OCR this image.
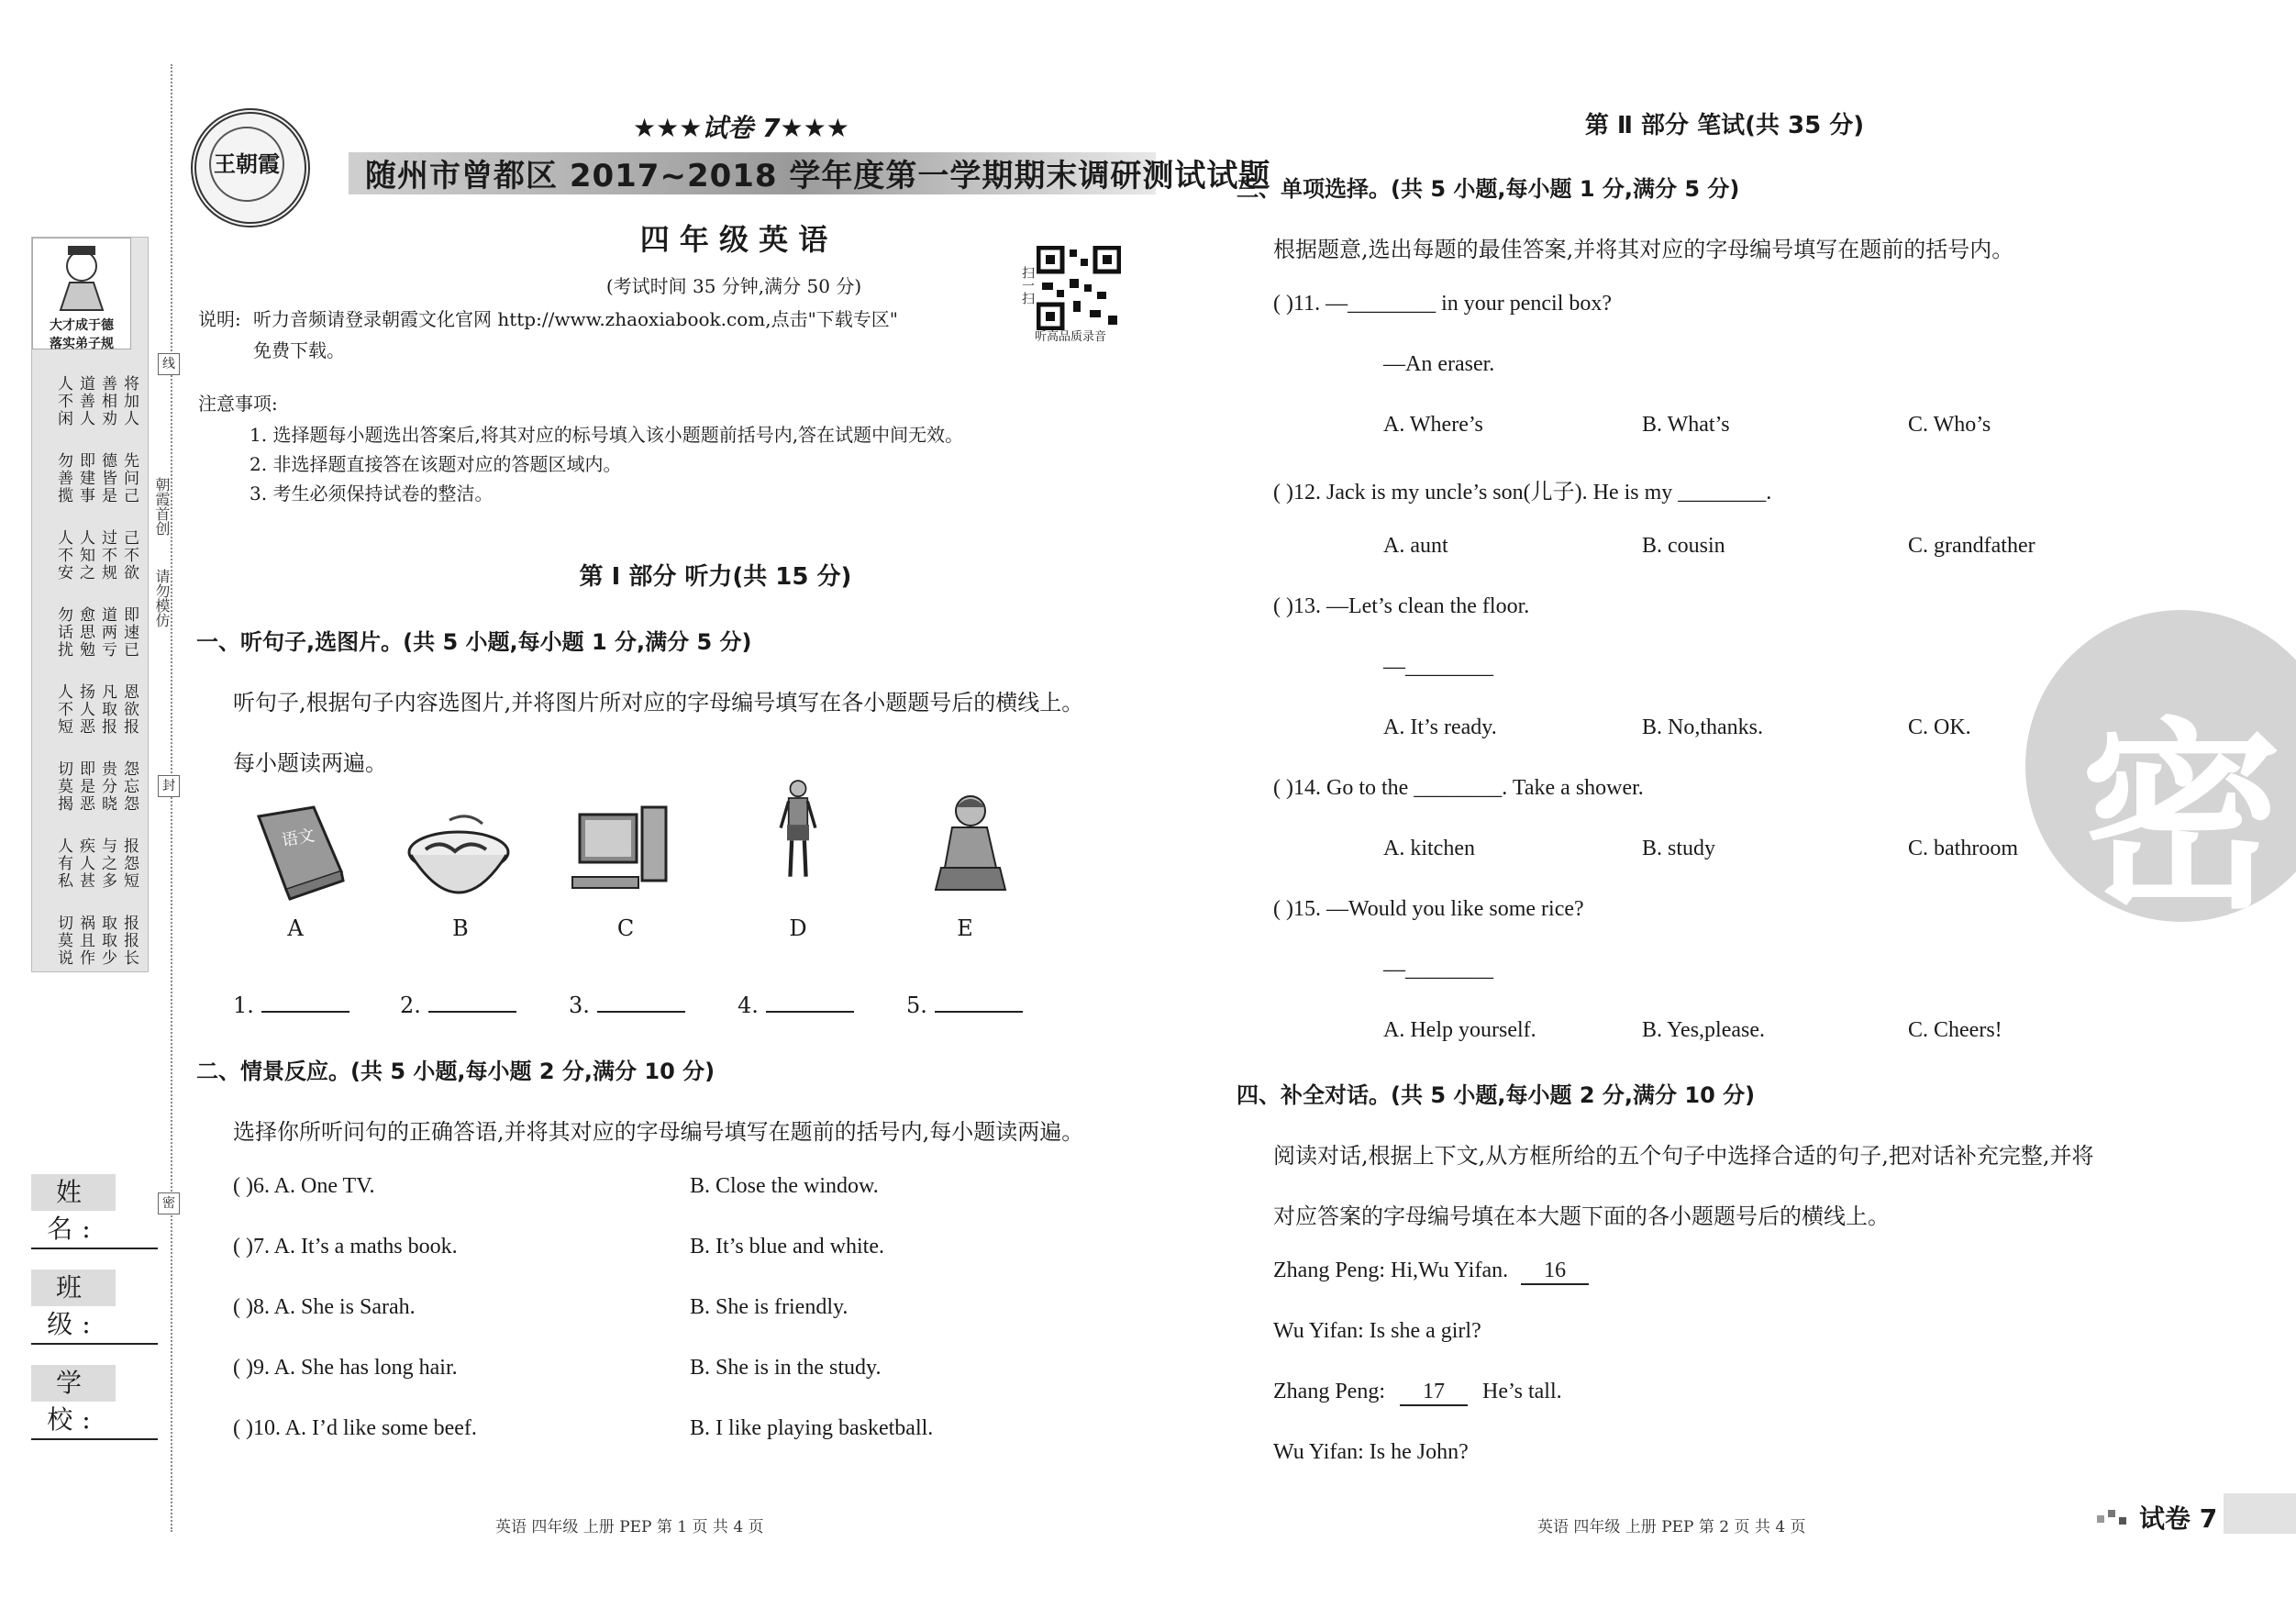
大才成于德
落实弟子规
将加人
善相劝
道善人
人不闲
先问己
德皆是
即建事
勿善揽
己不欲
过不规
人知之
人不安
即速已
道两亏
愈思勉
勿话扰
恩欲报
凡取报
扬人恶
人不短
怨忘怨
贵分晓
即是恶
切莫揭
报怨短
与之多
疾人甚
人有私
报报长
取取少
祸且作
切莫说
朝霞首创
请勿模仿
线
封
密
姓名:
班级:
学校:
王朝霞
★★★试卷 7★★★
随州市曾都区 2017~2018 学年度第一学期期末调研测试试题
四 年 级 英 语
(考试时间 35 分钟,满分 50 分)
说明: 听力音频请登录朝霞文化官网 http://www.zhaoxiabook.com,点击"下载专区"
免费下载。
扫一扫
听高品质录音
注意事项:
1. 选择题每小题选出答案后,将其对应的标号填入该小题题前括号内,答在试题中间无效。
2. 非选择题直接答在该题对应的答题区域内。
3. 考生必须保持试卷的整洁。
第 Ⅰ 部分 听力(共 15 分)
一、听句子,选图片。(共 5 小题,每小题 1 分,满分 5 分)
听句子,根据句子内容选图片,并将图片所对应的字母编号填写在各小题题号后的横线上。
每小题读两遍。
语文
A	B	C	D	E
1.	2.	3.	4.	5.
二、情景反应。(共 5 小题,每小题 2 分,满分 10 分)
选择你所听问句的正确答语,并将其对应的字母编号填写在题前的括号内,每小题读两遍。
( )6. A. One TV.	B. Close the window.
( )7. A. It’s a maths book.	B. It’s blue and white.
( )8. A. She is Sarah.	B. She is friendly.
( )9. A. She has long hair.	B. She is in the study.
( )10. A. I’d like some beef.	B. I like playing basketball.
英语 四年级 上册 PEP 第 1 页 共 4 页
密
第 Ⅱ 部分 笔试(共 35 分)
三、单项选择。(共 5 小题,每小题 1 分,满分 5 分)
根据题意,选出每题的最佳答案,并将其对应的字母编号填写在题前的括号内。
( )11. —________ in your pencil box?
—An eraser.
A. Where’s	B. What’s	C. Who’s
( )12. Jack is my uncle’s son(儿子). He is my ________.
A. aunt	B. cousin	C. grandfather
( )13. —Let’s clean the floor.
—________
A. It’s ready.	B. No,thanks.	C. OK.
( )14. Go to the ________. Take a shower.
A. kitchen	B. study	C. bathroom
( )15. —Would you like some rice?
—________
A. Help yourself.	B. Yes,please.	C. Cheers!
四、补全对话。(共 5 小题,每小题 2 分,满分 10 分)
阅读对话,根据上下文,从方框所给的五个句子中选择合适的句子,把对话补充完整,并将
对应答案的字母编号填在本大题下面的各小题题号后的横线上。
Zhang Peng: Hi,Wu Yifan. 16
Wu Yifan: Is she a girl?
Zhang Peng: 17 He’s tall.
Wu Yifan: Is he John?
英语 四年级 上册 PEP 第 2 页 共 4 页	试卷 7
